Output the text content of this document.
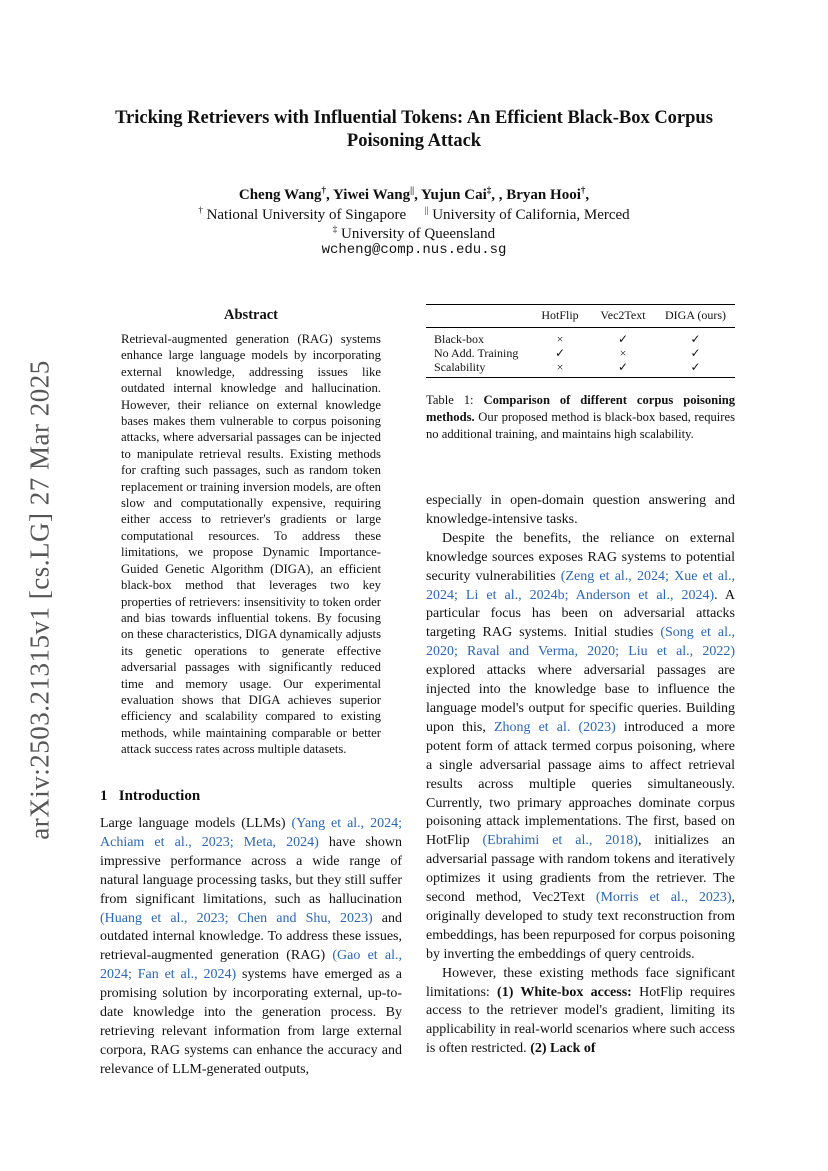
arXiv:2503.21315v1 [cs.LG] 27 Mar 2025
Tricking Retrievers with Influential Tokens: An Efficient Black-Box Corpus
Poisoning Attack
Cheng Wang†, Yiwei Wang||, Yujun Cai‡, , Bryan Hooi†,
† National University of Singapore || University of California, Merced
‡ University of Queensland
wcheng@comp.nus.edu.sg
Abstract

Retrieval-augmented generation (RAG) systems enhance large language models by incorporating external knowledge, addressing issues like outdated internal knowledge and hallucination. However, their reliance on external knowledge bases makes them vulnerable to corpus poisoning attacks, where adversarial passages can be injected to manipulate retrieval results. Existing methods for crafting such passages, such as random token replacement or training inversion models, are often slow and computationally expensive, requiring either access to retriever's gradients or large computational resources. To address these limitations, we propose Dynamic Importance-Guided Genetic Algorithm (DIGA), an efficient black-box method that leverages two key properties of retrievers: insensitivity to token order and bias towards influential tokens. By focusing on these characteristics, DIGA dynamically adjusts its genetic operations to generate effective adversarial passages with significantly reduced time and memory usage. Our experimental evaluation shows that DIGA achieves superior efficiency and scalability compared to existing methods, while maintaining comparable or better attack success rates across multiple datasets.

1 Introduction

Large language models (LLMs) (Yang et al., 2024; Achiam et al., 2023; Meta, 2024) have shown impressive performance across a wide range of natural language processing tasks, but they still suffer from significant limitations, such as hallucination (Huang et al., 2023; Chen and Shu, 2023) and outdated internal knowledge. To address these issues, retrieval-augmented generation (RAG) (Gao et al., 2024; Fan et al., 2024) systems have emerged as a promising solution by incorporating external, up-to-date knowledge into the generation process. By retrieving relevant information from large external corpora, RAG systems can enhance the accuracy and relevance of LLM-generated outputs,

	HotFlip	Vec2Text	DIGA (ours)
Black-box	×	✓	✓
No Add. Training	✓	×	✓
Scalability	×	✓	✓
Table 1: Comparison of different corpus poisoning methods. Our proposed method is black-box based, requires no additional training, and maintains high scalability.

especially in open-domain question answering and knowledge-intensive tasks.

Despite the benefits, the reliance on external knowledge sources exposes RAG systems to potential security vulnerabilities (Zeng et al., 2024; Xue et al., 2024; Li et al., 2024b; Anderson et al., 2024). A particular focus has been on adversarial attacks targeting RAG systems. Initial studies (Song et al., 2020; Raval and Verma, 2020; Liu et al., 2022) explored attacks where adversarial passages are injected into the knowledge base to influence the language model's output for specific queries. Building upon this, Zhong et al. (2023) introduced a more potent form of attack termed corpus poisoning, where a single adversarial passage aims to affect retrieval results across multiple queries simultaneously. Currently, two primary approaches dominate corpus poisoning attack implementations. The first, based on HotFlip (Ebrahimi et al., 2018), initializes an adversarial passage with random tokens and iteratively optimizes it using gradients from the retriever. The second method, Vec2Text (Morris et al., 2023), originally developed to study text reconstruction from embeddings, has been repurposed for corpus poisoning by inverting the embeddings of query centroids.

However, these existing methods face significant limitations: (1) White-box access: HotFlip requires access to the retriever model's gradient, limiting its applicability in real-world scenarios where such access is often restricted. (2) Lack of
